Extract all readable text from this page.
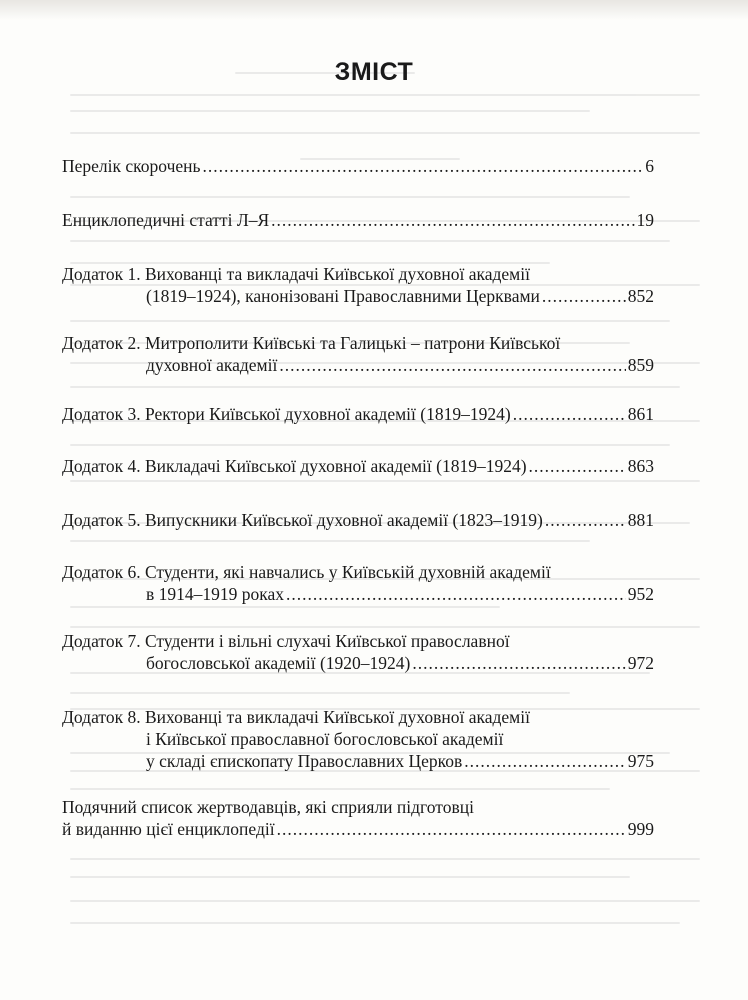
ЗМІСТ
Перелік скорочень .....	6
Енциклопедичні статті Л–Я .....	19
Додаток 1. Вихованці та викладачі Київської духовної академії
(1819–1924), канонізовані Православними Церквами .....	852
Додаток 2. Митрополити Київські та Галицькі – патрони Київської
духовної академії .....	859
Додаток 3. Ректори Київської духовної академії (1819–1924) .....	861
Додаток 4. Викладачі Київської духовної академії (1819–1924) .....	863
Додаток 5. Випускники Київської духовної академії (1823–1919) .....	881
Додаток 6. Студенти, які навчались у Київській духовній академії
в 1914–1919 роках .....	952
Додаток 7. Студенти і вільні слухачі Київської православної
богословської академії (1920–1924) .....	972
Додаток 8. Вихованці та викладачі Київської духовної академії
і Київської православної богословської академії
у складі єпископату Православних Церков .....	975
Подячний список жертводавців, які сприяли підготовці
й виданню цієї енциклопедії .....	999
